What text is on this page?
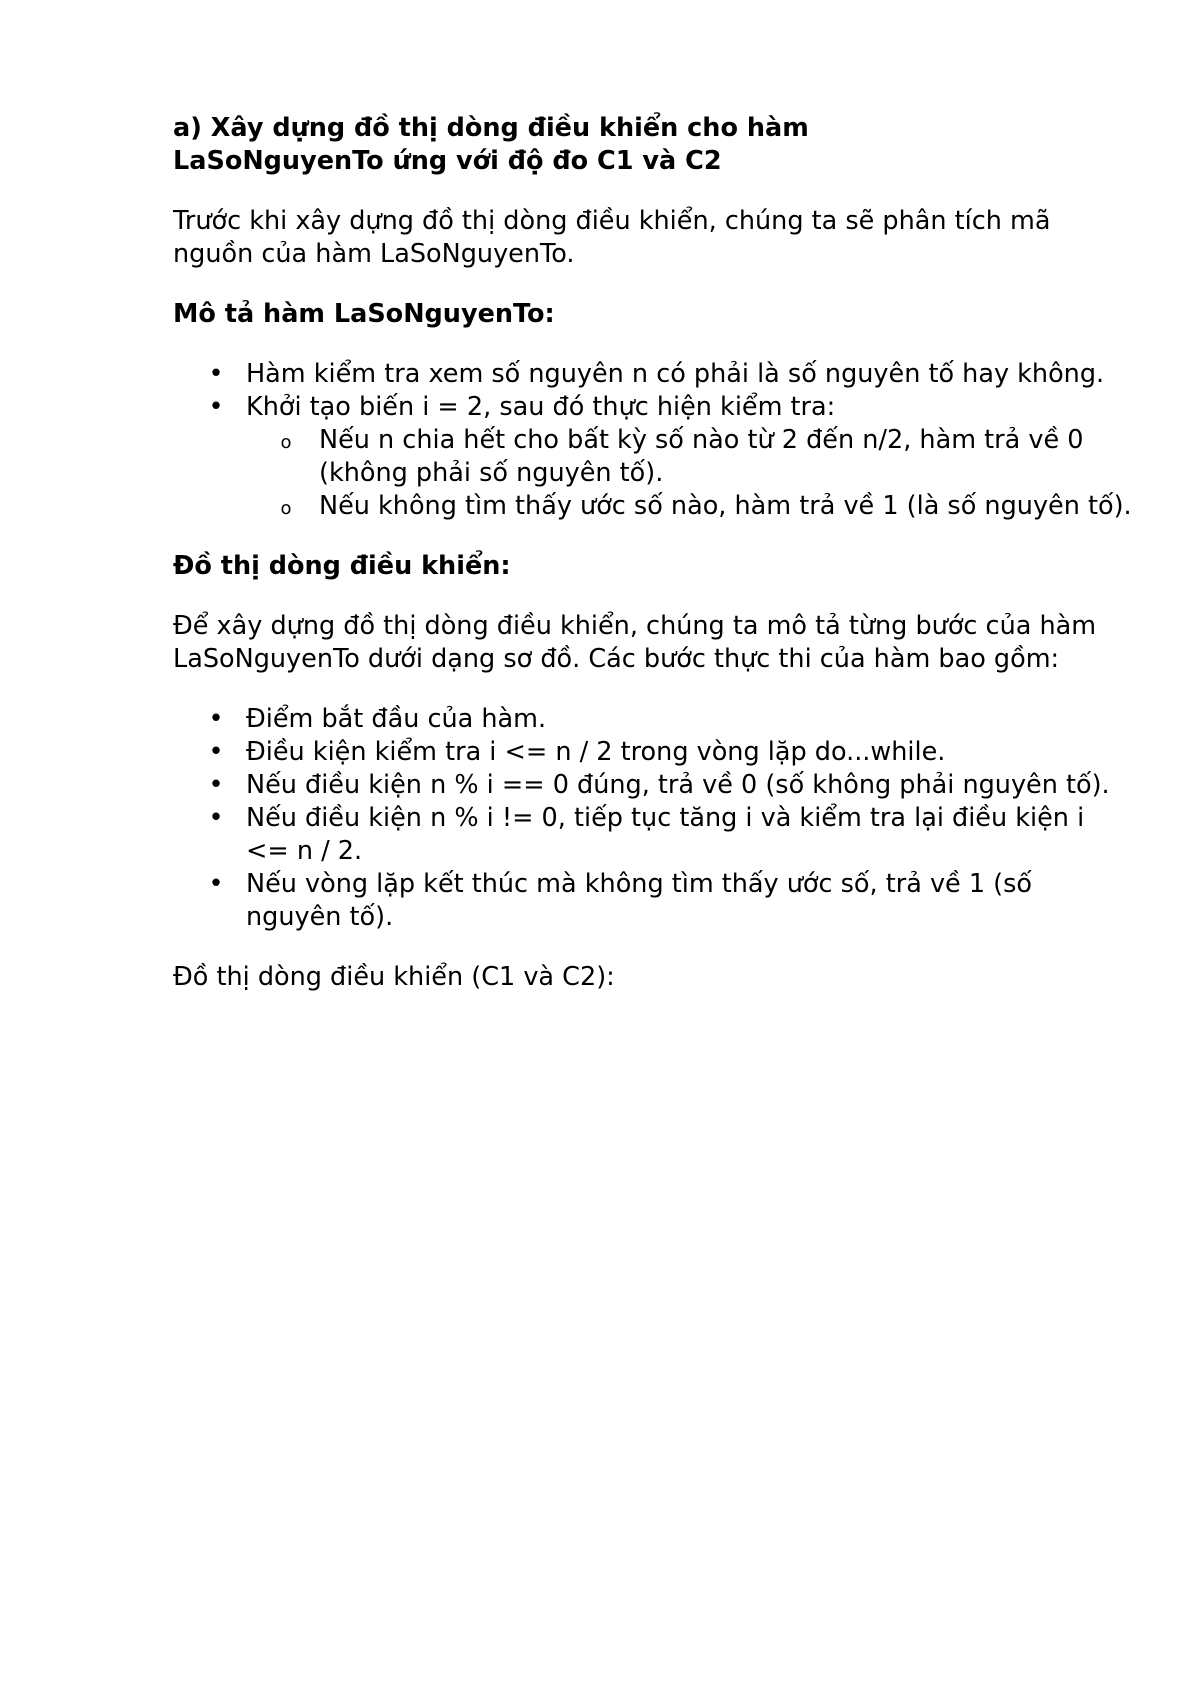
a) Xây dựng đồ thị dòng điều khiển cho hàm
LaSoNguyenTo ứng với độ đo C1 và C2

Trước khi xây dựng đồ thị dòng điều khiển, chúng ta sẽ phân tích mã nguồn của hàm LaSoNguyenTo.

Mô tả hàm LaSoNguyenTo:

• Hàm kiểm tra xem số nguyên n có phải là số nguyên tố hay không.
• Khởi tạo biến i = 2, sau đó thực hiện kiểm tra:
o Nếu n chia hết cho bất kỳ số nào từ 2 đến n/2, hàm trả về 0 (không phải số nguyên tố).
o Nếu không tìm thấy ước số nào, hàm trả về 1 (là số nguyên tố).

Đồ thị dòng điều khiển:

Để xây dựng đồ thị dòng điều khiển, chúng ta mô tả từng bước của hàm LaSoNguyenTo dưới dạng sơ đồ. Các bước thực thi của hàm bao gồm:

• Điểm bắt đầu của hàm.
• Điều kiện kiểm tra i <= n / 2 trong vòng lặp do...while.
• Nếu điều kiện n % i == 0 đúng, trả về 0 (số không phải nguyên tố).
• Nếu điều kiện n % i != 0, tiếp tục tăng i và kiểm tra lại điều kiện i <= n / 2.
• Nếu vòng lặp kết thúc mà không tìm thấy ước số, trả về 1 (số nguyên tố).

Đồ thị dòng điều khiển (C1 và C2):
